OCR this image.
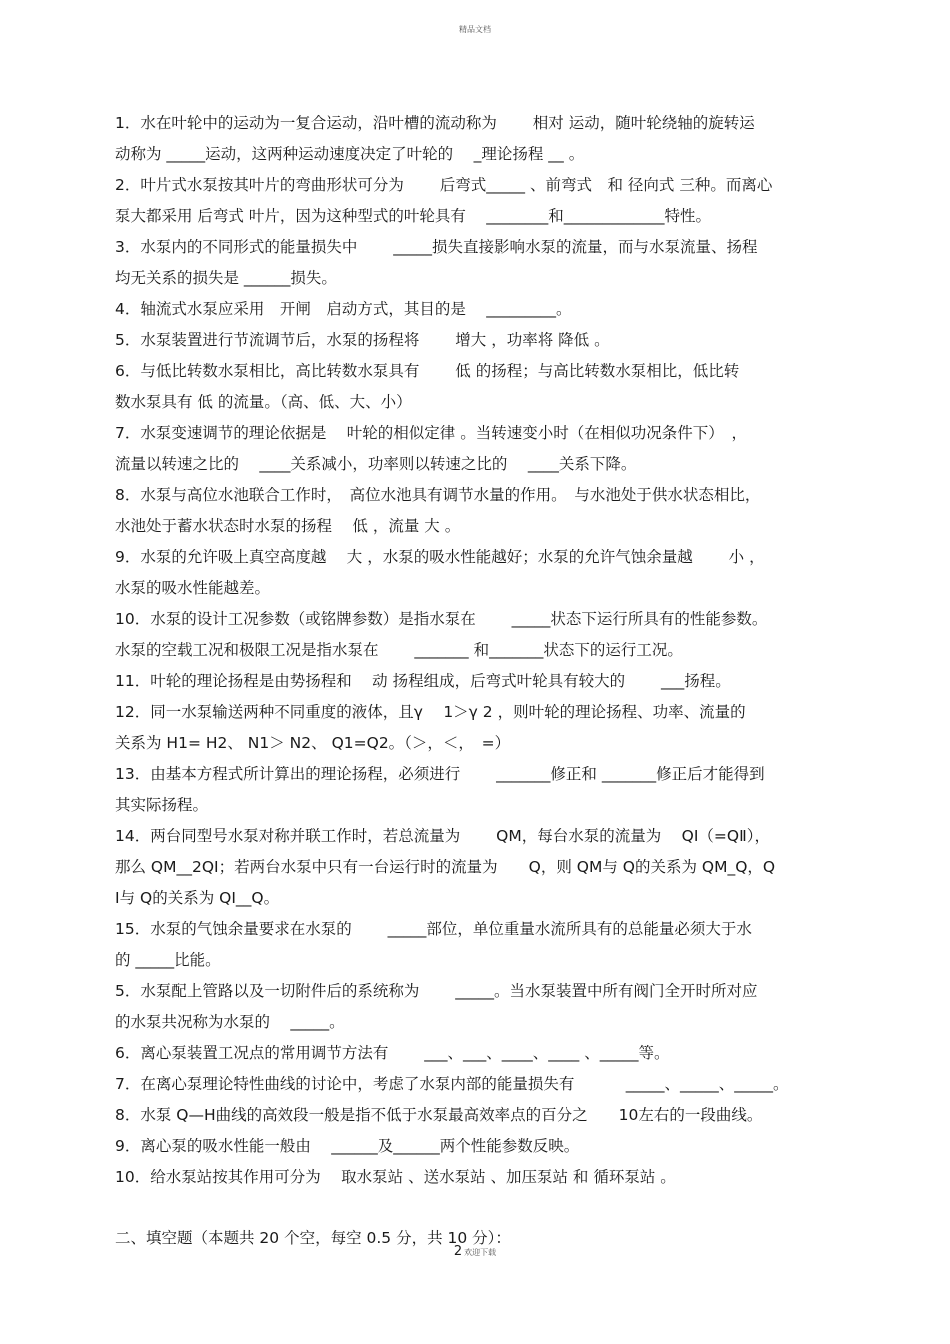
精品文档
1．水在叶轮中的运动为一复合运动，沿叶槽的流动称为　　 相对 运动，随叶轮绕轴的旋转运
动称为 _____运动，这两种运动速度决定了叶轮的　 _理论扬程 __ 。
2．叶片式水泵按其叶片的弯曲形状可分为　　 后弯式_____ 、前弯式　和 径向式 三种。而离心
泵大都采用 后弯式 叶片，因为这种型式的叶轮具有　 ________和_____________特性。
3．水泵内的不同形式的能量损失中　　 _____损失直接影响水泵的流量，而与水泵流量、扬程
均无关系的损失是 ______损失。
4．轴流式水泵应采用　开闸　启动方式，其目的是　 _________。
5．水泵装置进行节流调节后，水泵的扬程将　　 增大 ，功率将 降低 。
6．与低比转数水泵相比，高比转数水泵具有　　 低 的扬程；与高比转数水泵相比，低比转
数水泵具有 低 的流量。（高、低、大、小）
7．水泵变速调节的理论依据是　 叶轮的相似定律 。当转速变小时（在相似功况条件下）　，
流量以转速之比的　 ____关系减小，功率则以转速之比的　 ____关系下降。
8．水泵与高位水池联合工作时，　高位水池具有调节水量的作用。　与水池处于供水状态相比，
水池处于蓄水状态时水泵的扬程　 低 ，流量 大 。
9．水泵的允许吸上真空高度越　 大 ，水泵的吸水性能越好；水泵的允许气蚀余量越　　 小 ，
水泵的吸水性能越差。
10．水泵的设计工况参数（或铭牌参数）是指水泵在　　 _____状态下运行所具有的性能参数。
水泵的空载工况和极限工况是指水泵在　　 _______ 和_______状态下的运行工况。
11．叶轮的理论扬程是由势扬程和　 动 扬程组成，后弯式叶轮具有较大的　　 ___扬程。
12．同一水泵输送两种不同重度的液体，且γ　 1＞γ 2 ，则叶轮的理论扬程、功率、流量的
关系为 H1= H2、 N1＞ N2、 Q1=Q2。（＞，＜，　=）
13．由基本方程式所计算出的理论扬程，必须进行　　 _______修正和 _______修正后才能得到
其实际扬程。
14．两台同型号水泵对称并联工作时，若总流量为　　 QM，每台水泵的流量为　 QⅠ（=QⅡ），
那么 QM__2QⅠ；若两台水泵中只有一台运行时的流量为　　Q，则 QM与 Q的关系为 QM_Q，Q
Ⅰ与 Q的关系为 QⅠ__Q。
15．水泵的气蚀余量要求在水泵的　　 _____部位，单位重量水流所具有的总能量必须大于水
的 _____比能。
5．水泵配上管路以及一切附件后的系统称为　　 _____。当水泵装置中所有阀门全开时所对应
的水泵共况称为水泵的　 _____。
6．离心泵装置工况点的常用调节方法有　　 ___、___、____、____ 、_____等。
7．在离心泵理论特性曲线的讨论中，考虑了水泵内部的能量损失有　　　 _____、_____、_____。
8．水泵 Q—H曲线的高效段一般是指不低于水泵最高效率点的百分之　　10左右的一段曲线。
9．离心泵的吸水性能一般由　 ______及______两个性能参数反映。
10．给水泵站按其作用可分为　 取水泵站 、送水泵站 、加压泵站 和 循环泵站 。
二、填空题（本题共 20 个空，每空 0.5 分，共 10 分）：
2 欢迎下载
